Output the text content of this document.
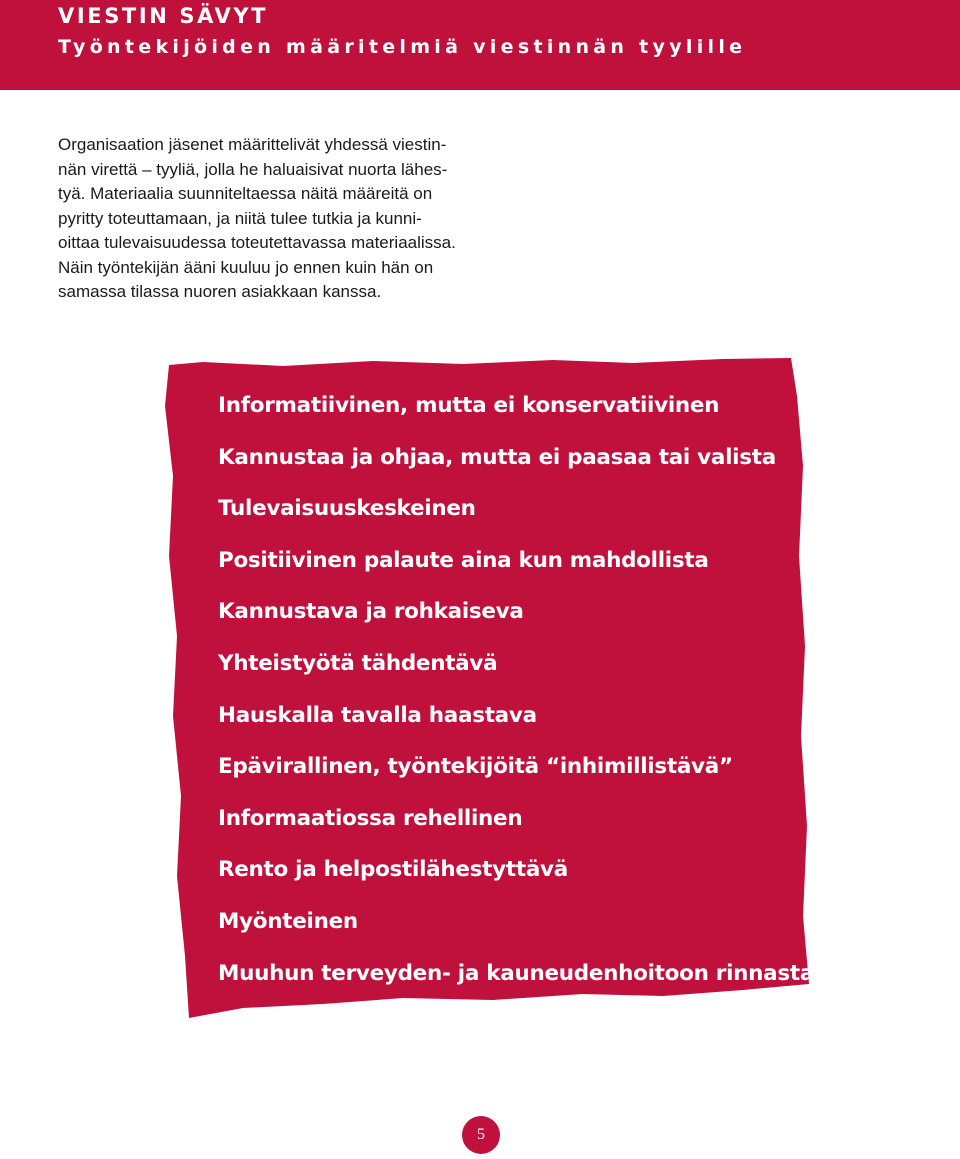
VIESTIN SÄVYT
Työntekijöiden määritelmiä viestinnän tyylille
Organisaation jäsenet määrittelivät yhdessä viestin-
nän virettä – tyyliä, jolla he haluaisivat nuorta lähes-
tyä. Materiaalia suunniteltaessa näitä määreitä on
pyritty toteuttamaan, ja niitä tulee tutkia ja kunni-
oittaa tulevaisuudessa toteutettavassa materiaalissa.
Näin työntekijän ääni kuuluu jo ennen kuin hän on
samassa tilassa nuoren asiakkaan kanssa.
Informatiivinen, mutta ei konservatiivinen
Kannustaa ja ohjaa, mutta ei paasaa tai valista
Tulevaisuuskeskeinen
Positiivinen palaute aina kun mahdollista
Kannustava ja rohkaiseva
Yhteistyötä tähdentävä
Hauskalla tavalla haastava
Epävirallinen, työntekijöitä “inhimillistävä”
Informaatiossa rehellinen
Rento ja helpostilähestyttävä
Myönteinen
Muuhun terveyden- ja kauneudenhoitoon rinnastava
5
